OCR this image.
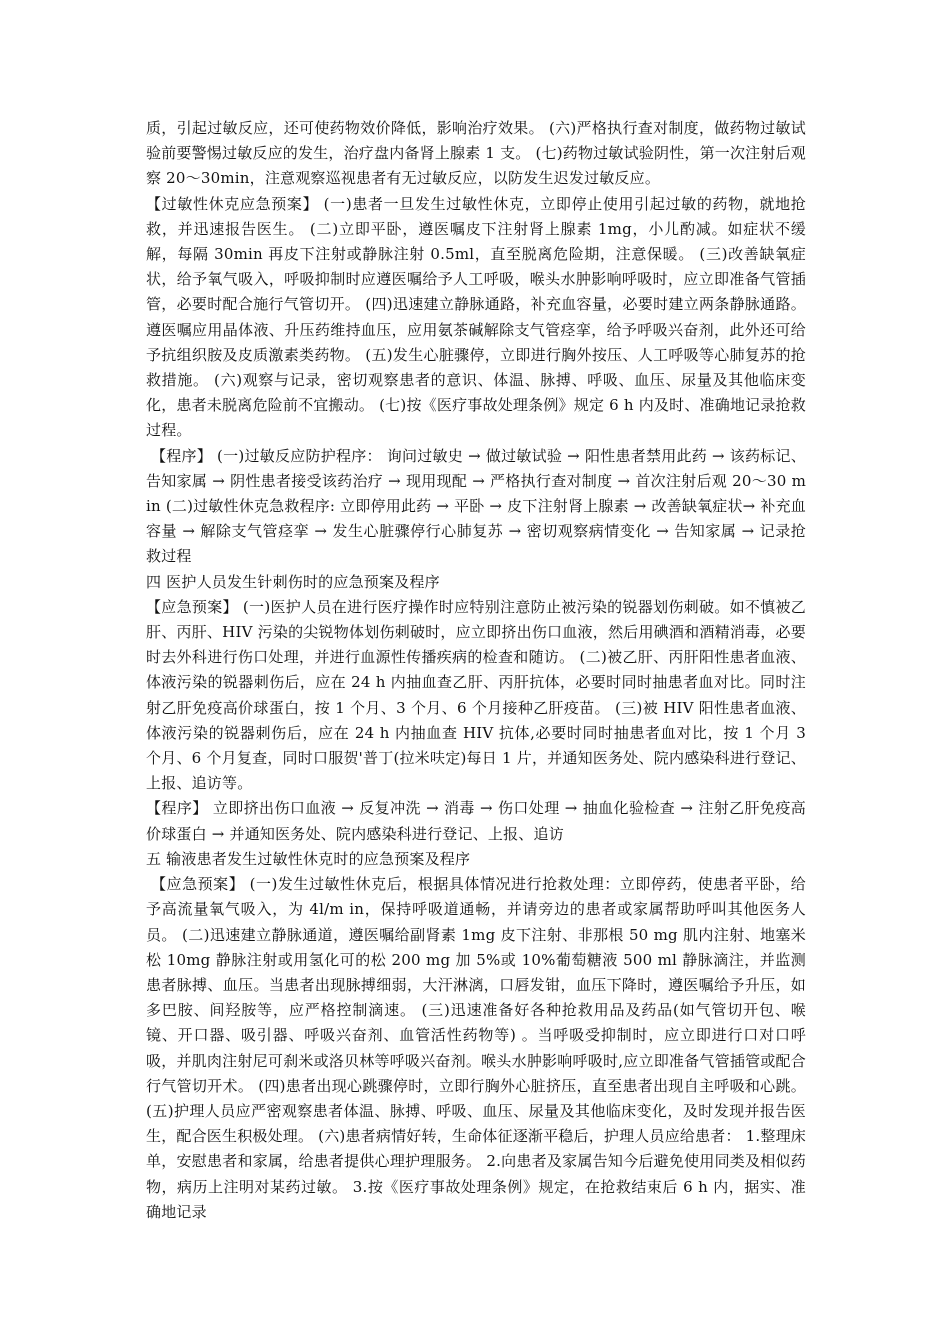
质，引起过敏反应，还可使药物效价降低，影响治疗效果。 (六)严格执行查对制度，做药物过敏试验前要警惕过敏反应的发生，治疗盘内备肾上腺素 1 支。 (七)药物过敏试验阴性，第一次注射后观察 20～30min，注意观察巡视患者有无过敏反应，以防发生迟发过敏反应。

【过敏性休克应急预案】 (一)患者一旦发生过敏性休克，立即停止使用引起过敏的药物，就地抢救，并迅速报告医生。 (二)立即平卧，遵医嘱皮下注射肾上腺素 1mg，小儿酌减。如症状不缓解，每隔 30min 再皮下注射或静脉注射 0.5ml，直至脱离危险期，注意保暖。 (三)改善缺氧症状，给予氧气吸入，呼吸抑制时应遵医嘱给予人工呼吸，喉头水肿影响呼吸时，应立即准备气管插管，必要时配合施行气管切开。 (四)迅速建立静脉通路，补充血容量，必要时建立两条静脉通路。遵医嘱应用晶体液、升压药维持血压，应用氨茶碱解除支气管痉挛，给予呼吸兴奋剂，此外还可给予抗组织胺及皮质激素类药物。 (五)发生心脏骤停，立即进行胸外按压、人工呼吸等心肺复苏的抢救措施。 (六)观察与记录，密切观察患者的意识、体温、脉搏、呼吸、血压、尿量及其他临床变化，患者未脱离危险前不宜搬动。 (七)按《医疗事故处理条例》规定 6 h 内及时、准确地记录抢救过程。

【程序】 (一)过敏反应防护程序： 询问过敏史 → 做过敏试验 → 阳性患者禁用此药 → 该药标记、告知家属 → 阴性患者接受该药治疗 → 现用现配 → 严格执行查对制度 → 首次注射后观 20～30 min (二)过敏性休克急救程序: 立即停用此药 → 平卧 → 皮下注射肾上腺素 → 改善缺氧症状→ 补充血容量 → 解除支气管痉挛 → 发生心脏骤停行心肺复苏 → 密切观察病情变化 → 告知家属 → 记录抢救过程

四 医护人员发生针刺伤时的应急预案及程序

【应急预案】 (一)医护人员在进行医疗操作时应特别注意防止被污染的锐器划伤刺破。如不慎被乙肝、丙肝、HIV 污染的尖锐物体划伤刺破时，应立即挤出伤口血液，然后用碘酒和酒精消毒，必要时去外科进行伤口处理，并进行血源性传播疾病的检查和随访。 (二)被乙肝、丙肝阳性患者血液、体液污染的锐器刺伤后，应在 24 h 内抽血查乙肝、丙肝抗体，必要时同时抽患者血对比。同时注射乙肝免疫高价球蛋白，按 1 个月、3 个月、6 个月接种乙肝疫苗。 (三)被 HIV 阳性患者血液、体液污染的锐器刺伤后，应在 24 h 内抽血查 HIV 抗体,必要时同时抽患者血对比，按 1 个月 3 个月、6 个月复查，同时口服贺'普丁(拉米呋定)每日 1 片，并通知医务处、院内感染科进行登记、上报、追访等。

【程序】 立即挤出伤口血液 → 反复冲洗 → 消毒 → 伤口处理 → 抽血化验检查 → 注射乙肝免疫高价球蛋白 → 并通知医务处、院内感染科进行登记、上报、追访

五 输液患者发生过敏性休克时的应急预案及程序

【应急预案】 (一)发生过敏性休克后，根据具体情况进行抢救处理：立即停药，使患者平卧，给予高流量氧气吸入，为 4l/m in，保持呼吸道通畅，并请旁边的患者或家属帮助呼叫其他医务人员。 (二)迅速建立静脉通道，遵医嘱给副肾素 1mg 皮下注射、非那根 50 mg 肌内注射、地塞米松 10mg 静脉注射或用氢化可的松 200 mg 加 5%或 10%葡萄糖液 500 ml 静脉滴注，并监测患者脉搏、血压。当患者出现脉搏细弱，大汗淋漓，口唇发钳，血压下降时，遵医嘱给予升压，如多巴胺、间羟胺等，应严格控制滴速。 (三)迅速准备好各种抢救用品及药品(如气管切开包、喉镜、开口器、吸引器、呼吸兴奋剂、血管活性药物等) 。当呼吸受抑制时，应立即进行口对口呼吸，并肌肉注射尼可刹米或洛贝林等呼吸兴奋剂。喉头水肿影响呼吸时,应立即准备气管插管或配合行气管切开术。 (四)患者出现心跳骤停时，立即行胸外心脏挤压，直至患者出现自主呼吸和心跳。 (五)护理人员应严密观察患者体温、脉搏、呼吸、血压、尿量及其他临床变化，及时发现并报告医生，配合医生积极处理。 (六)患者病情好转，生命体征逐渐平稳后，护理人员应给患者： 1.整理床单，安慰患者和家属，给患者提供心理护理服务。 2.向患者及家属告知今后避免使用同类及相似药物，病历上注明对某药过敏。 3.按《医疗事故处理条例》规定，在抢救结束后 6 h 内，据实、准确地记录
